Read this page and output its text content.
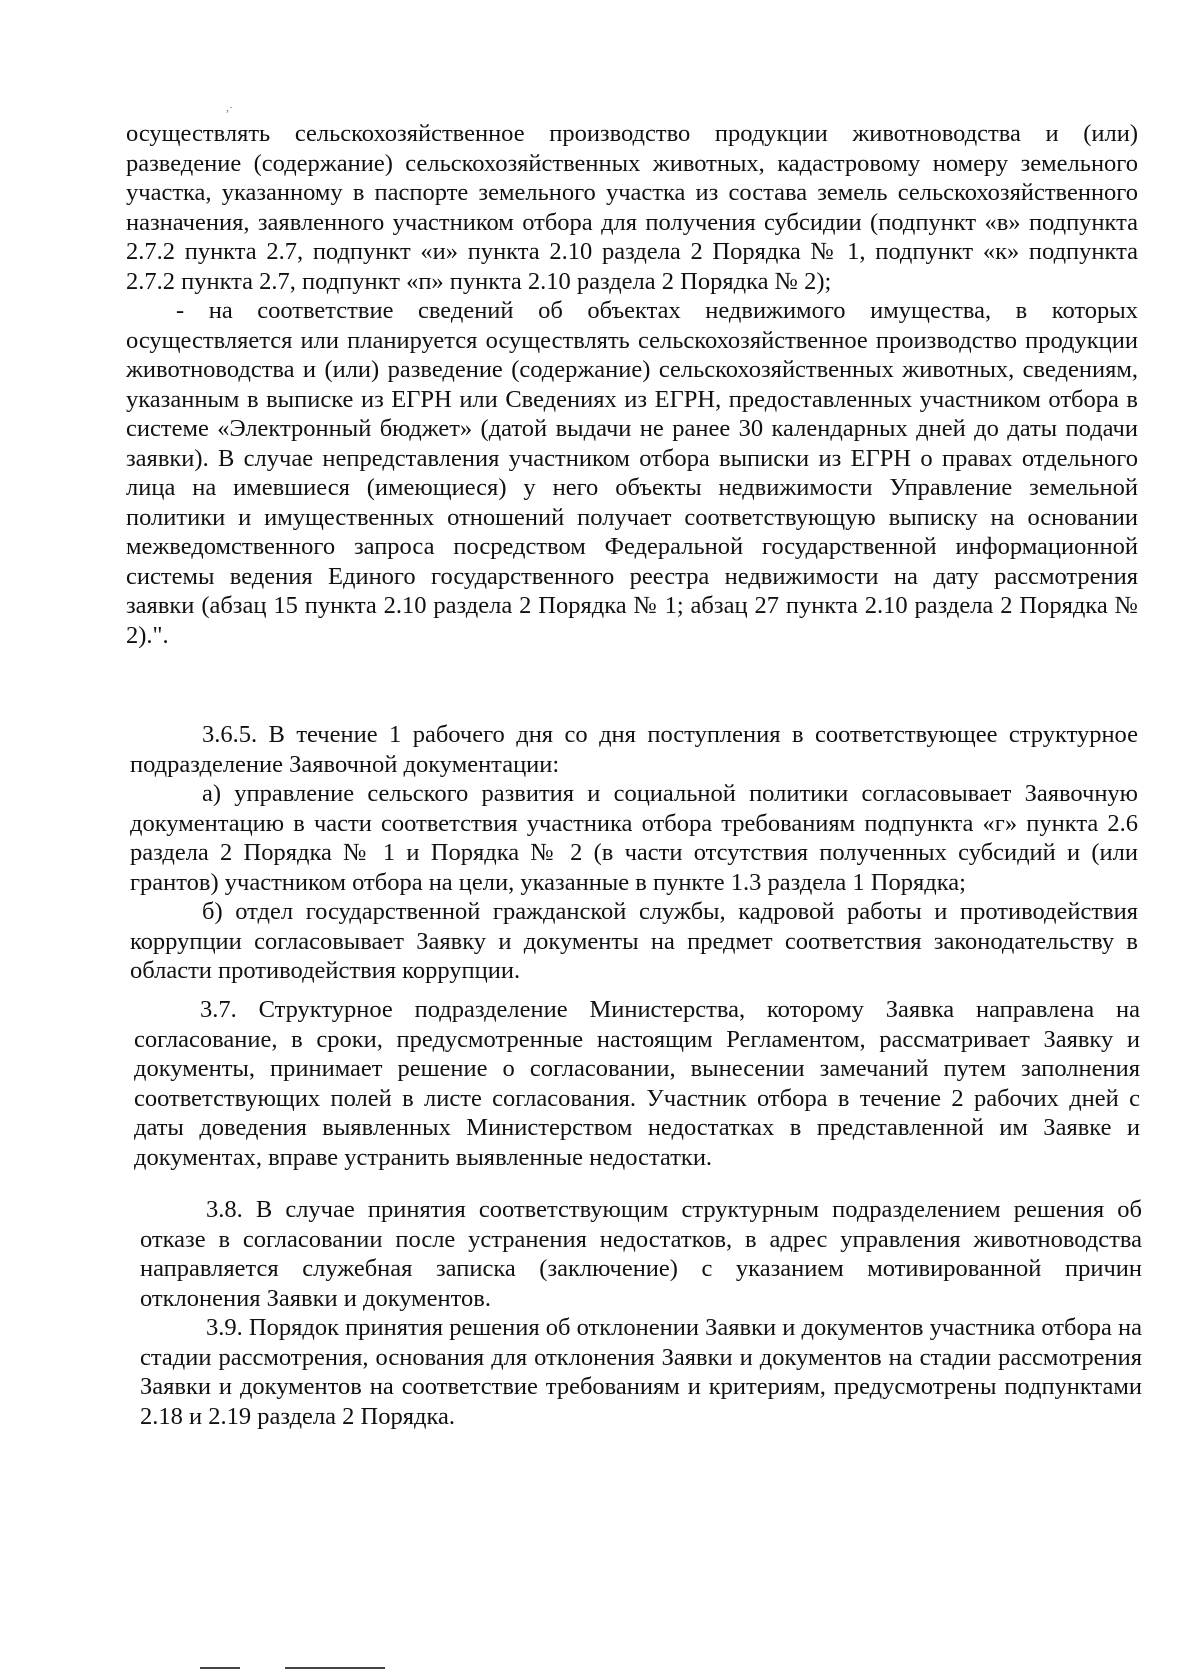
,·

осуществлять сельскохозяйственное производство продукции животноводства и (или) разведение (содержание) сельскохозяйственных животных, кадастровому номеру земельного участка, указанному в паспорте земельного участка из состава земель сельскохозяйственного назначения, заявленного участником отбора для получения субсидии (подпункт «в» подпункта 2.7.2 пункта 2.7, подпункт «и» пункта 2.10 раздела 2 Порядка № 1, подпункт «к» подпункта 2.7.2 пункта 2.7, подпункт «п» пункта 2.10 раздела 2 Порядка № 2);

- на соответствие сведений об объектах недвижимого имущества, в которых осуществляется или планируется осуществлять сельскохозяйственное производство продукции животноводства и (или) разведение (содержание) сельскохозяйственных животных, сведениям, указанным в выписке из ЕГРН или Сведениях из ЕГРН, предоставленных участником отбора в системе «Электронный бюджет» (датой выдачи не ранее 30 календарных дней до даты подачи заявки). В случае непредставления участником отбора выписки из ЕГРН о правах отдельного лица на имевшиеся (имеющиеся) у него объекты недвижимости Управление земельной политики и имущественных отношений получает соответствующую выписку на основании межведомственного запроса посредством Федеральной государственной информационной системы ведения Единого государственного реестра недвижимости на дату рассмотрения заявки (абзац 15 пункта 2.10 раздела 2 Порядка № 1; абзац 27 пункта 2.10 раздела 2 Порядка № 2).".

3.6.5. В течение 1 рабочего дня со дня поступления в соответствующее структурное подразделение Заявочной документации:

а) управление сельского развития и социальной политики согласовывает Заявочную документацию в части соответствия участника отбора требованиям подпункта «г» пункта 2.6 раздела 2 Порядка № 1 и Порядка № 2 (в части отсутствия полученных субсидий и (или грантов) участником отбора на цели, указанные в пункте 1.3 раздела 1 Порядка;

б) отдел государственной гражданской службы, кадровой работы и противодействия коррупции согласовывает Заявку и документы на предмет соответствия законодательству в области противодействия коррупции.

3.7. Структурное подразделение Министерства, которому Заявка направлена на согласование, в сроки, предусмотренные настоящим Регламентом, рассматривает Заявку и документы, принимает решение о согласовании, вынесении замечаний путем заполнения соответствующих полей в листе согласования. Участник отбора в течение 2 рабочих дней с даты доведения выявленных Министерством недостатках в представленной им Заявке и документах, вправе устранить выявленные недостатки.

3.8. В случае принятия соответствующим структурным подразделением решения об отказе в согласовании после устранения недостатков, в адрес управления животноводства направляется служебная записка (заключение) с указанием мотивированной причин отклонения Заявки и документов.

3.9. Порядок принятия решения об отклонении Заявки и документов участника отбора на стадии рассмотрения, основания для отклонения Заявки и документов на стадии рассмотрения Заявки и документов на соответствие требованиям и критериям, предусмотрены подпунктами 2.18 и 2.19 раздела 2 Порядка.
